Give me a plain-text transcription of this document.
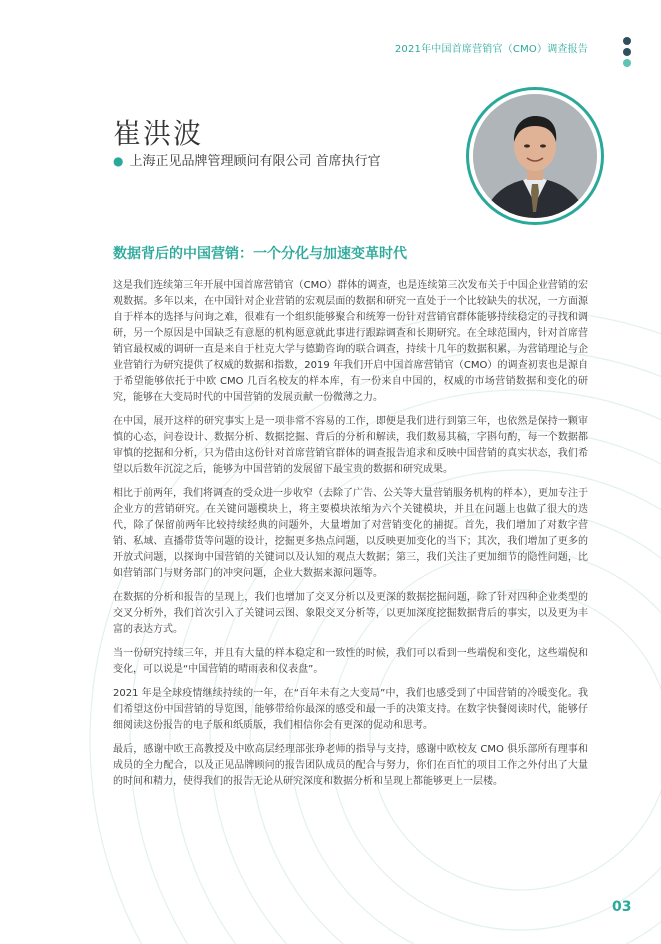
2021年中国首席营销官（CMO）调查报告
崔洪波
● 上海正见品牌管理顾问有限公司 首席执行官
数据背后的中国营销：一个分化与加速变革时代

这是我们连续第三年开展中国首席营销官（CMO）群体的调查，也是连续第三次发布关于中国企业营销的宏观数据。多年以来，在中国针对企业营销的宏观层面的数据和研究一直处于一个比较缺失的状况，一方面源自于样本的选择与问询之难，很难有一个组织能够聚合和统筹一份针对营销官群体能够持续稳定的寻找和调研，另一个原因是中国缺乏有意愿的机构愿意就此事进行跟踪调查和长期研究。在全球范围内，针对首席营销官最权威的调研一直是来自于杜克大学与德勤咨询的联合调查，持续十几年的数据积累，为营销理论与企业营销行为研究提供了权威的数据和指数，2019 年我们开启中国首席营销官（CMO）的调查初衷也是源自于希望能够依托于中欧 CMO 几百名校友的样本库，有一份来自中国的，权威的市场营销数据和变化的研究，能够在大变局时代的中国营销的发展贡献一份微薄之力。

在中国，展开这样的研究事实上是一项非常不容易的工作，即便是我们进行到第三年，也依然是保持一颗审慎的心态，问卷设计、数据分析、数据挖掘、背后的分析和解读，我们数易其稿，字斟句酌，每一个数据都审慎的挖掘和分析，只为借由这份针对首席营销官群体的调查报告追求和反映中国营销的真实状态，我们希望以后数年沉淀之后，能够为中国营销的发展留下最宝贵的数据和研究成果。

相比于前两年，我们将调查的受众进一步收窄（去除了广告、公关等大量营销服务机构的样本），更加专注于企业方的营销研究。在关键问题模块上，将主要模块浓缩为六个关键模块，并且在问题上也做了很大的迭代，除了保留前两年比较持续经典的问题外，大量增加了对营销变化的捕捉。首先，我们增加了对数字营销、私域、直播带货等问题的设计，挖掘更多热点问题，以反映更加变化的当下；其次，我们增加了更多的开放式问题，以探询中国营销的关键词以及认知的观点大数据；第三，我们关注了更加细节的隐性问题，比如营销部门与财务部门的冲突问题，企业大数据来源问题等。

在数据的分析和报告的呈现上，我们也增加了交叉分析以及更深的数据挖掘问题，除了针对四种企业类型的交叉分析外，我们首次引入了关键词云图、象限交叉分析等，以更加深度挖掘数据背后的事实，以及更为丰富的表达方式。

当一份研究持续三年，并且有大量的样本稳定和一致性的时候，我们可以看到一些端倪和变化，这些端倪和变化，可以说是“中国营销的晴雨表和仪表盘”。

2021 年是全球疫情继续持续的一年，在“百年未有之大变局”中，我们也感受到了中国营销的冷暖变化。我们希望这份中国营销的导览图，能够带给你最深的感受和最一手的决策支持。在数字快餐阅读时代，能够仔细阅读这份报告的电子版和纸质版，我们相信你会有更深的促动和思考。

最后，感谢中欧王高教授及中欧高层经理部张琤老师的指导与支持，感谢中欧校友 CMO 俱乐部所有理事和成员的全力配合，以及正见品牌顾问的报告团队成员的配合与努力，你们在百忙的项目工作之外付出了大量的时间和精力，使得我们的报告无论从研究深度和数据分析和呈现上都能够更上一层楼。

03
